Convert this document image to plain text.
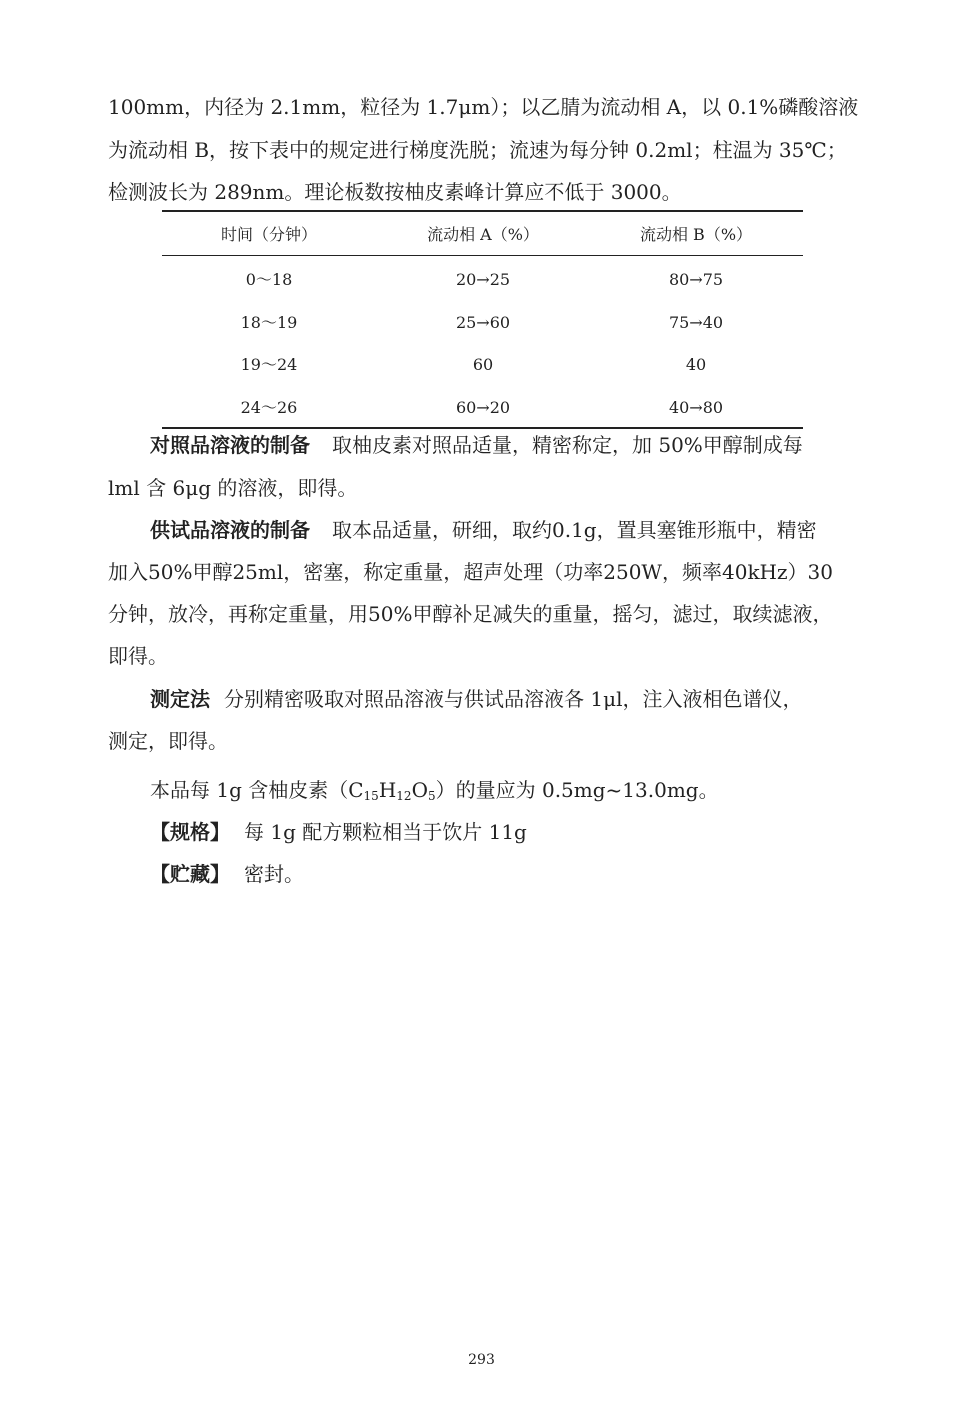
100mm，内径为 2.1mm，粒径为 1.7μm）；以乙腈为流动相 A，以 0.1%磷酸溶液
为流动相 B，按下表中的规定进行梯度洗脱；流速为每分钟 0.2ml；柱温为 35℃；
检测波长为 289nm。理论板数按柚皮素峰计算应不低于 3000。
时间（分钟）	流动相 A（%）	流动相 B（%）
0～18	20→25	80→75
18～19	25→60	75→40
19～24	60	40
24～26	60→20	40→80
对照品溶液的制备 取柚皮素对照品适量，精密称定，加 50%甲醇制成每
lml 含 6μg 的溶液，即得。
供试品溶液的制备 取本品适量，研细，取约0.1g，置具塞锥形瓶中，精密
加入50%甲醇25ml，密塞，称定重量，超声处理（功率250W，频率40kHz）30
分钟，放冷，再称定重量，用50%甲醇补足减失的重量，摇匀，滤过，取续滤液，
即得。
测定法 分别精密吸取对照品溶液与供试品溶液各 1μl，注入液相色谱仪，
测定，即得。
本品每 1g 含柚皮素$(C_{15}H_{12}O_5)$的量应为 0.5mg~13.0mg。
【规格】 每 1g 配方颗粒相当于饮片 11g
【贮藏】 密封。
293
